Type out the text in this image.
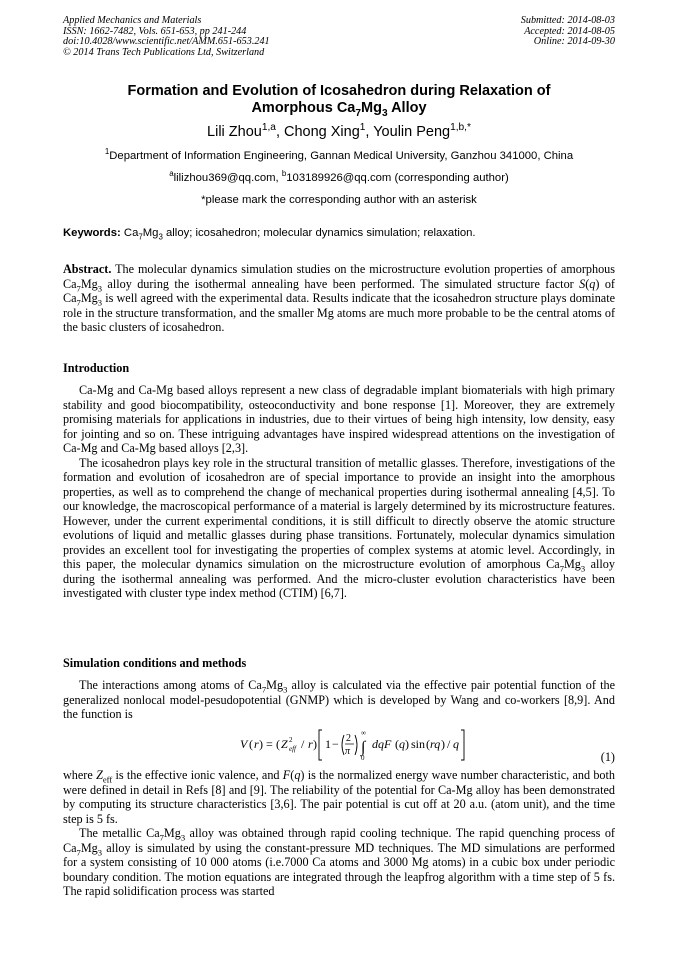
Applied Mechanics and Materials
ISSN: 1662-7482, Vols. 651-653, pp 241-244
doi:10.4028/www.scientific.net/AMM.651-653.241
© 2014 Trans Tech Publications Ltd, Switzerland
Submitted: 2014-08-03
Accepted: 2014-08-05
Online: 2014-09-30
Formation and Evolution of Icosahedron during Relaxation of
Amorphous $Ca_7Mg_3$ Alloy
Lili Zhou$^{1,a}$, Chong Xing$^1$, Youlin Peng$^{1,b,*}$
$^1$Department of Information Engineering, Gannan Medical University, Ganzhou 341000, China
$^a$lilizhou369@qq.com, $^b$103189926@qq.com (corresponding author)
*please mark the corresponding author with an asterisk
Keywords: $Ca_7Mg_3$ alloy; icosahedron; molecular dynamics simulation; relaxation.

Abstract. The molecular dynamics simulation studies on the microstructure evolution properties of amorphous $Ca_7Mg_3$ alloy during the isothermal annealing have been performed. The simulated structure factor S(q) of $Ca_7Mg_3$ is well agreed with the experimental data. Results indicate that the icosahedron structure plays dominate role in the structure transformation, and the smaller Mg atoms are much more probable to be the central atoms of the basic clusters of icosahedron.

Introduction

Ca-Mg and Ca-Mg based alloys represent a new class of degradable implant biomaterials with high primary stability and good biocompatibility, osteoconductivity and bone response [1]. Moreover, they are extremely promising materials for applications in industries, due to their virtues of being high intensity, low density, easy for jointing and so on. These intriguing advantages have inspired widespread attentions on the investigation of Ca-Mg and Ca-Mg based alloys [2,3].

The icosahedron plays key role in the structural transition of metallic glasses. Therefore, investigations of the formation and evolution of icosahedron are of special importance to provide an insight into the amorphous properties, as well as to comprehend the change of mechanical properties during isothermal annealing [4,5]. To our knowledge, the macroscopical performance of a material is largely determined by its microstructure features. However, under the current experimental conditions, it is still difficult to directly observe the atomic structure evolutions of liquid and metallic glasses during phase transitions. Fortunately, molecular dynamics simulation provides an excellent tool for investigating the properties of complex systems at atomic level. Accordingly, in this paper, the molecular dynamics simulation on the microstructure evolution of amorphous $Ca_7Mg_3$ alloy during the isothermal annealing was performed. And the micro-cluster evolution characteristics have been investigated with cluster type index method (CTIM) [6,7].

Simulation conditions and methods

The interactions among atoms of $Ca_7Mg_3$ alloy is calculated via the effective pair potential function of the generalized nonlocal model-pesudopotential (GNMP) which is developed by Wang and co-workers [8,9]. And the function is

V ( r ) = ( Z 2
eff / r ) 1 − 2
π
∞
∫
0
dqF ( q ) sin ( rq ) / q
(1)

where $Z_{eff}$ is the effective ionic valence, and F(q) is the normalized energy wave number characteristic, and both were defined in detail in Refs [8] and [9]. The reliability of the potential for Ca-Mg alloy has been demonstrated by computing its structure characteristics [3,6]. The pair potential is cut off at 20 a.u. (atom unit), and the time step is 5 fs.

The metallic $Ca_7Mg_3$ alloy was obtained through rapid cooling technique. The rapid quenching process of $Ca_7Mg_3$ alloy is simulated by using the constant-pressure MD techniques. The MD simulations are performed for a system consisting of 10 000 atoms (i.e.7000 Ca atoms and 3000 Mg atoms) in a cubic box under periodic boundary condition. The motion equations are integrated through the leapfrog algorithm with a time step of 5 fs. The rapid solidification process was started
